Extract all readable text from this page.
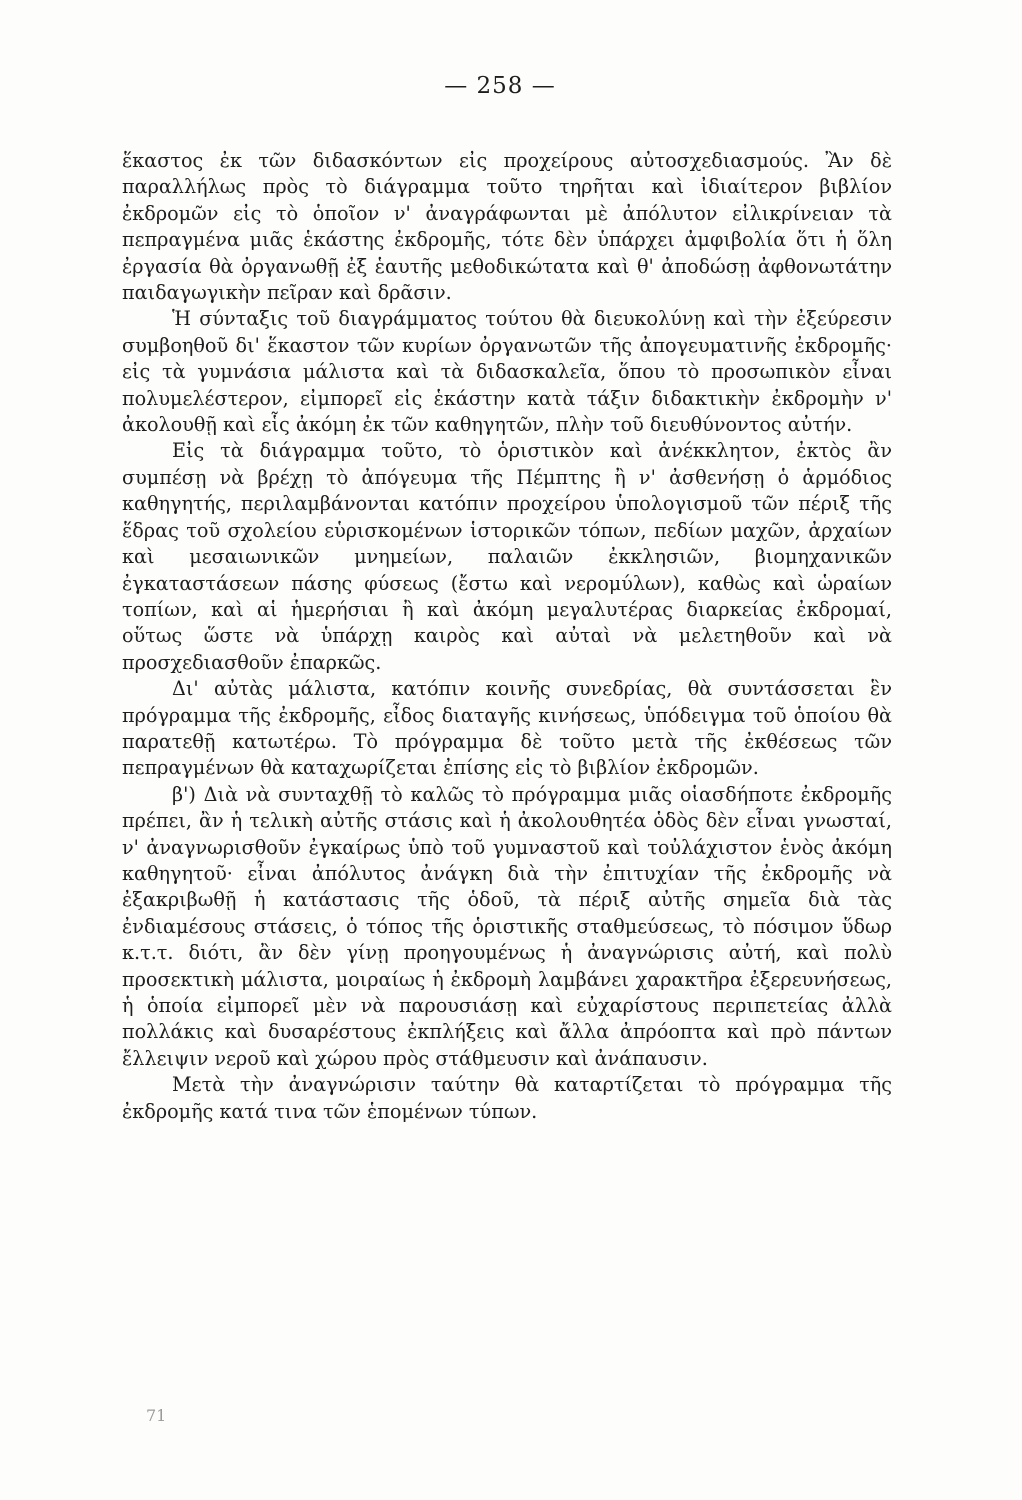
— 258 —

ἕκαστος ἐκ τῶν διδασκόντων εἰς προχείρους αὐτοσχεδιασμούς. Ἂν δὲ παραλλήλως πρὸς τὸ διάγραμμα τοῦτο τηρῆται καὶ ἰδιαίτερον βιβλίον ἐκδρομῶν εἰς τὸ ὁποῖον ν' ἀναγράφωνται μὲ ἀπόλυτον εἰλικρίνειαν τὰ πεπραγμένα μιᾶς ἑκάστης ἐκδρομῆς, τότε δὲν ὑπάρχει ἀμφιβολία ὅτι ἡ ὅλη ἐργασία θὰ ὀργανωθῇ ἐξ ἑαυτῆς μεθοδικώτατα καὶ θ' ἀποδώσῃ ἀφθονωτάτην παιδαγωγικὴν πεῖραν καὶ δρᾶσιν.

Ἡ σύνταξις τοῦ διαγράμματος τούτου θὰ διευκολύνῃ καὶ τὴν ἐξεύρεσιν συμβοηθοῦ δι' ἕκαστον τῶν κυρίων ὀργανωτῶν τῆς ἀπογευματινῆς ἐκδρομῆς· εἰς τὰ γυμνάσια μάλιστα καὶ τὰ διδασκαλεῖα, ὅπου τὸ προσωπικὸν εἶναι πολυμελέστερον, εἰμπορεῖ εἰς ἑκάστην κατὰ τάξιν διδακτικὴν ἐκδρομὴν ν' ἀκολουθῇ καὶ εἷς ἀκόμη ἐκ τῶν καθηγητῶν, πλὴν τοῦ διευθύνοντος αὐτήν.

Εἰς τὰ διάγραμμα τοῦτο, τὸ ὁριστικὸν καὶ ἀνέκκλητον, ἐκτὸς ἂν συμπέσῃ νὰ βρέχῃ τὸ ἀπόγευμα τῆς Πέμπτης ἢ ν' ἀσθενήσῃ ὁ ἁρμόδιος καθηγητής, περιλαμβάνονται κατόπιν προχείρου ὑπολογισμοῦ τῶν πέριξ τῆς ἕδρας τοῦ σχολείου εὑρισκομένων ἱστορικῶν τόπων, πεδίων μαχῶν, ἀρχαίων καὶ μεσαιωνικῶν μνημείων, παλαιῶν ἐκκλησιῶν, βιομηχανικῶν ἐγκαταστάσεων πάσης φύσεως (ἔστω καὶ νερομύλων), καθὼς καὶ ὡραίων τοπίων, καὶ αἱ ἡμερήσιαι ἢ καὶ ἀκόμη μεγαλυτέρας διαρκείας ἐκδρομαί, οὕτως ὥστε νὰ ὑπάρχῃ καιρὸς καὶ αὐταὶ νὰ μελετηθοῦν καὶ νὰ προσχεδιασθοῦν ἐπαρκῶς.

Δι' αὐτὰς μάλιστα, κατόπιν κοινῆς συνεδρίας, θὰ συντάσσεται ἓν πρόγραμμα τῆς ἐκδρομῆς, εἶδος διαταγῆς κινήσεως, ὑπόδειγμα τοῦ ὁποίου θὰ παρατεθῇ κατωτέρω. Τὸ πρόγραμμα δὲ τοῦτο μετὰ τῆς ἐκθέσεως τῶν πεπραγμένων θὰ καταχωρίζεται ἐπίσης εἰς τὸ βιβλίον ἐκδρομῶν.

β') Διὰ νὰ συνταχθῇ τὸ καλῶς τὸ πρόγραμμα μιᾶς οἱασδήποτε ἐκδρομῆς πρέπει, ἂν ἡ τελικὴ αὐτῆς στάσις καὶ ἡ ἀκολουθητέα ὁδὸς δὲν εἶναι γνωσταί, ν' ἀναγνωρισθοῦν ἐγκαίρως ὑπὸ τοῦ γυμναστοῦ καὶ τοὐλάχιστον ἑνὸς ἀκόμη καθηγητοῦ· εἶναι ἀπόλυτος ἀνάγκη διὰ τὴν ἐπιτυχίαν τῆς ἐκδρομῆς νὰ ἐξακριβωθῇ ἡ κατάστασις τῆς ὁδοῦ, τὰ πέριξ αὐτῆς σημεῖα διὰ τὰς ἐνδιαμέσους στάσεις, ὁ τόπος τῆς ὁριστικῆς σταθμεύσεως, τὸ πόσιμον ὕδωρ κ.τ.τ. διότι, ἂν δὲν γίνῃ προηγουμένως ἡ ἀναγνώρισις αὐτή, καὶ πολὺ προσεκτικὴ μάλιστα, μοιραίως ἡ ἐκδρομὴ λαμβάνει χαρακτῆρα ἐξερευνήσεως, ἡ ὁποία εἰμπορεῖ μὲν νὰ παρουσιάσῃ καὶ εὐχαρίστους περιπετείας ἀλλὰ πολλάκις καὶ δυσαρέστους ἐκπλήξεις καὶ ἄλλα ἀπρόοπτα καὶ πρὸ πάντων ἔλλειψιν νεροῦ καὶ χώρου πρὸς στάθμευσιν καὶ ἀνάπαυσιν.

Μετὰ τὴν ἀναγνώρισιν ταύτην θὰ καταρτίζεται τὸ πρόγραμμα τῆς ἐκδρομῆς κατά τινα τῶν ἑπομένων τύπων.

71
